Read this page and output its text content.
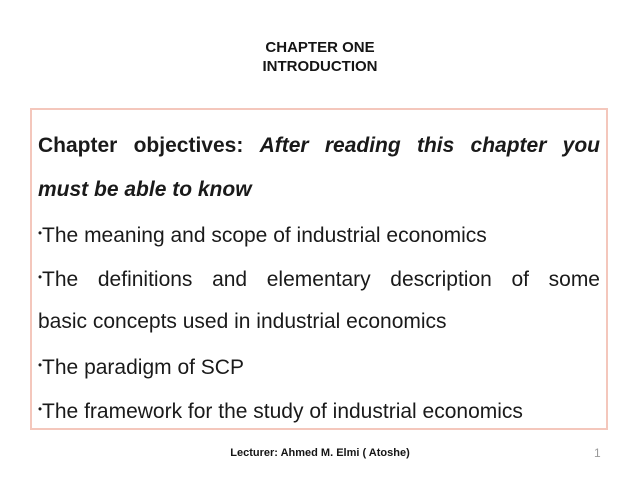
CHAPTER ONE
INTRODUCTION
Chapter objectives: After reading this chapter you
must be able to know
•The meaning and scope of industrial economics
•The definitions and elementary description of some
basic concepts used in industrial economics
•The paradigm of SCP
•The framework for the study of industrial economics
Lecturer: Ahmed M. Elmi ( Atoshe)	1
